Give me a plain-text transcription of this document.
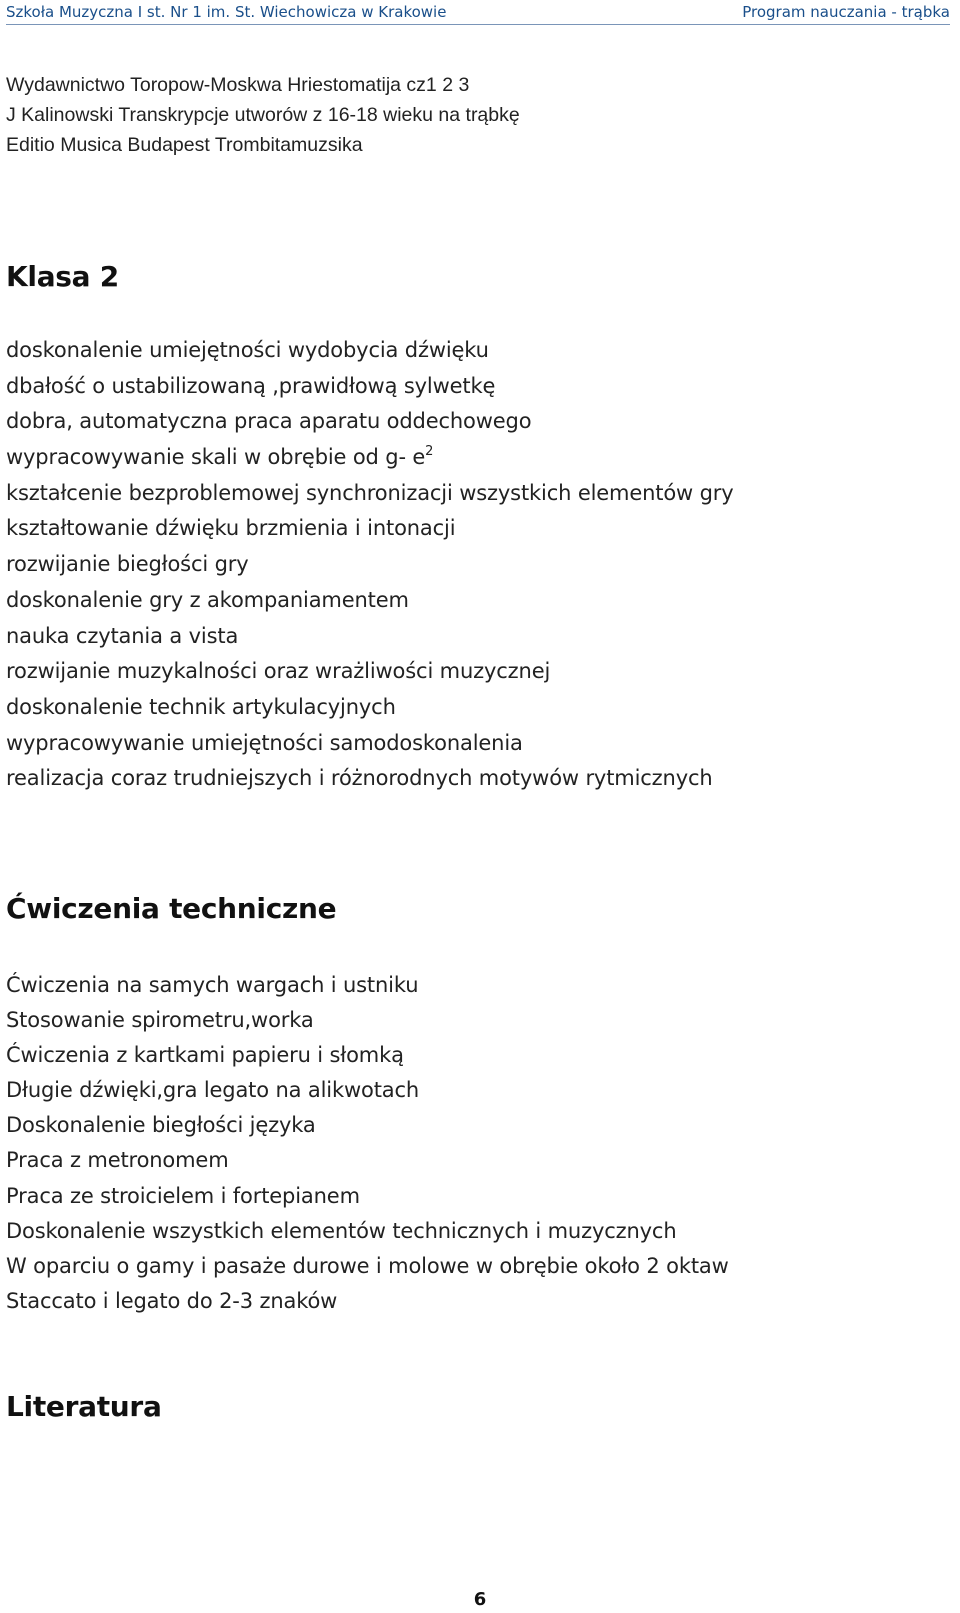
Szkoła Muzyczna I st. Nr 1 im. St. Wiechowicza w Krakowie	Program nauczania - trąbka
Wydawnictwo Toropow-Moskwa Hriestomatija cz1 2 3
J Kalinowski Transkrypcje utworów z 16-18 wieku na trąbkę
Editio Musica Budapest Trombitamuzsika
Klasa 2
doskonalenie umiejętności wydobycia dźwięku
dbałość o ustabilizowaną ,prawidłową sylwetkę
dobra, automatyczna praca aparatu oddechowego
wypracowywanie skali w obrębie od g- $e^2$
kształcenie bezproblemowej synchronizacji wszystkich elementów gry
kształtowanie dźwięku brzmienia i intonacji
rozwijanie biegłości gry
doskonalenie gry z akompaniamentem
nauka czytania a vista
rozwijanie muzykalności oraz wrażliwości muzycznej
doskonalenie technik artykulacyjnych
wypracowywanie umiejętności samodoskonalenia
realizacja coraz trudniejszych i różnorodnych motywów rytmicznych
Ćwiczenia techniczne
Ćwiczenia na samych wargach i ustniku
Stosowanie spirometru,worka
Ćwiczenia z kartkami papieru i słomką
Długie dźwięki,gra legato na alikwotach
Doskonalenie biegłości języka
Praca z metronomem
Praca ze stroicielem i fortepianem
Doskonalenie wszystkich elementów technicznych i muzycznych
W oparciu o gamy i pasaże durowe i molowe w obrębie około 2 oktaw
Staccato i legato do 2-3 znaków
Literatura
6
